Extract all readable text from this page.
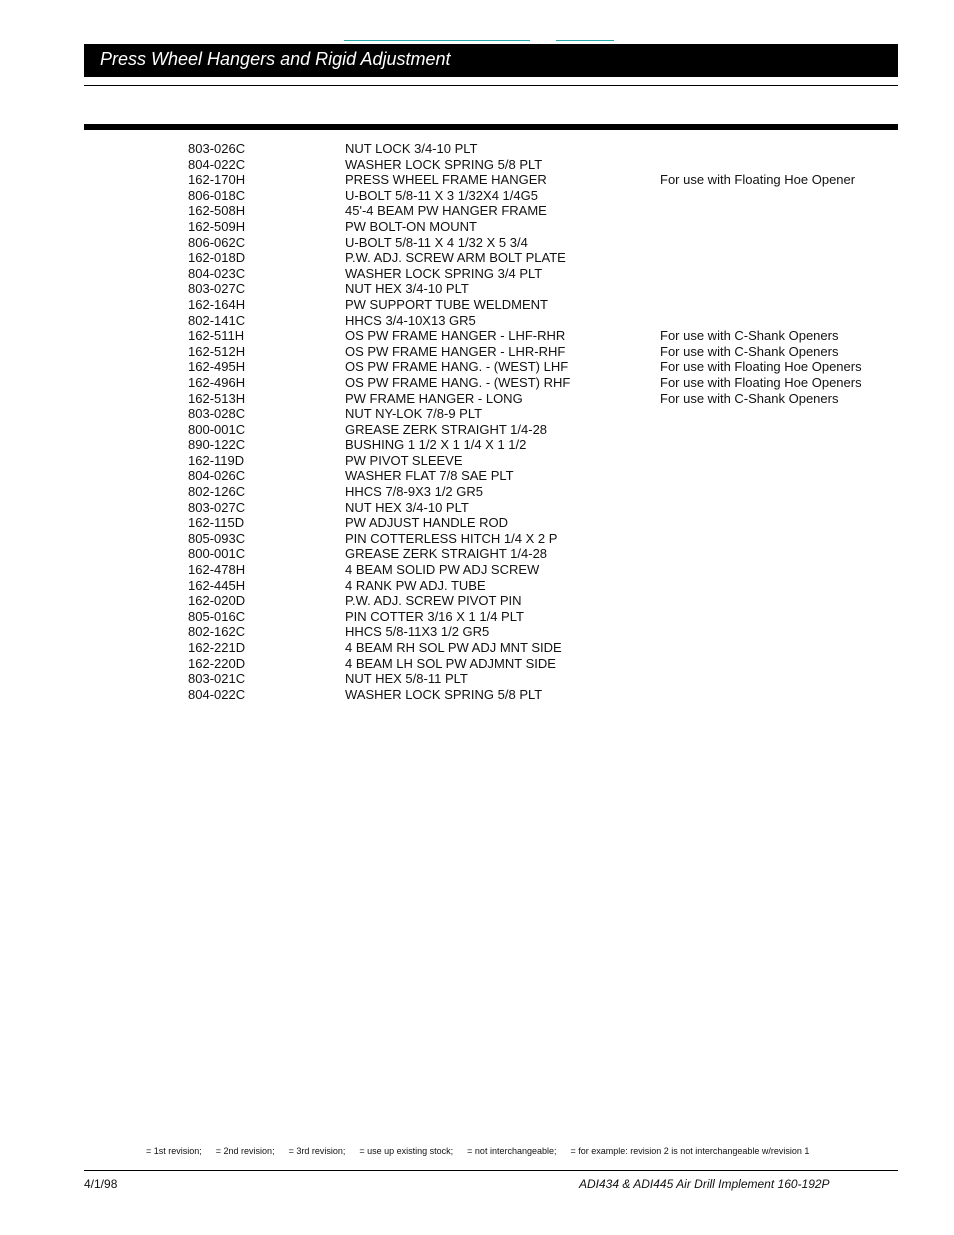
Press Wheel Hangers and Rigid Adjustment
803-026C	NUT LOCK 3/4-10 PLT
804-022C	WASHER LOCK SPRING 5/8 PLT
162-170H	PRESS WHEEL FRAME HANGER	For use with Floating Hoe Opener
806-018C	U-BOLT 5/8-11 X 3 1/32X4 1/4G5
162-508H	45'-4 BEAM PW HANGER FRAME
162-509H	PW BOLT-ON MOUNT
806-062C	U-BOLT 5/8-11 X 4 1/32 X 5 3/4
162-018D	P.W. ADJ. SCREW ARM BOLT PLATE
804-023C	WASHER LOCK SPRING 3/4 PLT
803-027C	NUT HEX 3/4-10 PLT
162-164H	PW SUPPORT TUBE WELDMENT
802-141C	HHCS 3/4-10X13 GR5
162-511H	OS PW FRAME HANGER - LHF-RHR	For use with C-Shank Openers
162-512H	OS PW FRAME HANGER - LHR-RHF	For use with C-Shank Openers
162-495H	OS PW FRAME HANG. - (WEST) LHF	For use with Floating Hoe Openers
162-496H	OS PW FRAME HANG. - (WEST) RHF	For use with Floating Hoe Openers
162-513H	PW FRAME HANGER - LONG	For use with C-Shank Openers
803-028C	NUT NY-LOK 7/8-9 PLT
800-001C	GREASE ZERK STRAIGHT 1/4-28
890-122C	BUSHING 1 1/2 X 1 1/4 X 1 1/2
162-119D	PW PIVOT SLEEVE
804-026C	WASHER FLAT 7/8 SAE PLT
802-126C	HHCS 7/8-9X3 1/2 GR5
803-027C	NUT HEX 3/4-10 PLT
162-115D	PW ADJUST HANDLE ROD
805-093C	PIN COTTERLESS HITCH 1/4 X 2 P
800-001C	GREASE ZERK STRAIGHT 1/4-28
162-478H	4 BEAM SOLID PW ADJ SCREW
162-445H	4 RANK PW ADJ. TUBE
162-020D	P.W. ADJ. SCREW PIVOT PIN
805-016C	PIN COTTER 3/16 X 1 1/4 PLT
802-162C	HHCS 5/8-11X3 1/2 GR5
162-221D	4 BEAM RH SOL PW ADJ MNT SIDE
162-220D	4 BEAM LH SOL PW ADJMNT SIDE
803-021C	NUT HEX 5/8-11 PLT
804-022C	WASHER LOCK SPRING 5/8 PLT
= 1st revision; = 2nd revision; = 3rd revision; = use up existing stock; = not interchangeable; = for example: revision 2 is not interchangeable w/revision 1
4/1/98	ADI434 & ADI445 Air Drill Implement 160-192P
